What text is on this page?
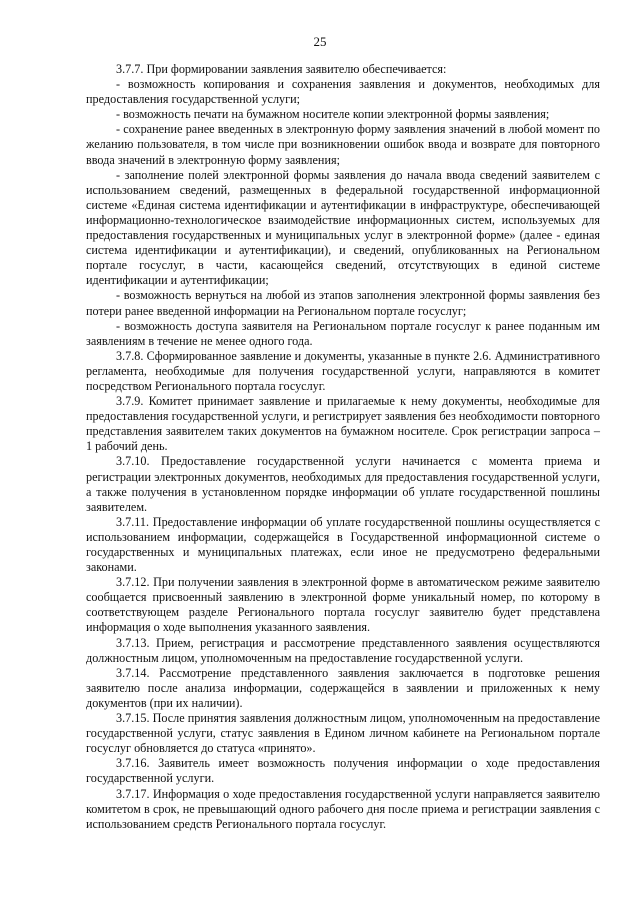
25

3.7.7. При формировании заявления заявителю обеспечивается:

- возможность копирования и сохранения заявления и документов, необходимых для предоставления государственной услуги;

- возможность печати на бумажном носителе копии электронной формы заявления;

- сохранение ранее введенных в электронную форму заявления значений в любой момент по желанию пользователя, в том числе при возникновении ошибок ввода и возврате для повторного ввода значений в электронную форму заявления;

- заполнение полей электронной формы заявления до начала ввода сведений заявителем с использованием сведений, размещенных в федеральной государственной информационной системе «Единая система идентификации и аутентификации в инфраструктуре, обеспечивающей информационно-технологическое взаимодействие информационных систем, используемых для предоставления государственных и муниципальных услуг в электронной форме» (далее - единая система идентификации и аутентификации), и сведений, опубликованных на Региональном портале госуслуг, в части, касающейся сведений, отсутствующих в единой системе идентификации и аутентификации;

- возможность вернуться на любой из этапов заполнения электронной формы заявления без потери ранее введенной информации на Региональном портале госуслуг;

- возможность доступа заявителя на Региональном портале госуслуг к ранее поданным им заявлениям в течение не менее одного года.

3.7.8. Сформированное заявление и документы, указанные в пункте 2.6. Административного регламента, необходимые для получения государственной услуги, направляются в комитет посредством Регионального портала госуслуг.

3.7.9. Комитет принимает заявление и прилагаемые к нему документы, необходимые для предоставления государственной услуги, и регистрирует заявления без необходимости повторного представления заявителем таких документов на бумажном носителе. Срок регистрации запроса – 1 рабочий день.

3.7.10. Предоставление государственной услуги начинается с момента приема и регистрации электронных документов, необходимых для предоставления государственной услуги, а также получения в установленном порядке информации об уплате государственной пошлины заявителем.

3.7.11. Предоставление информации об уплате государственной пошлины осуществляется с использованием информации, содержащейся в Государственной информационной системе о государственных и муниципальных платежах, если иное не предусмотрено федеральными законами.

3.7.12. При получении заявления в электронной форме в автоматическом режиме заявителю сообщается присвоенный заявлению в электронной форме уникальный номер, по которому в соответствующем разделе Регионального портала госуслуг заявителю будет представлена информация о ходе выполнения указанного заявления.

3.7.13. Прием, регистрация и рассмотрение представленного заявления осуществляются должностным лицом, уполномоченным на предоставление государственной услуги.

3.7.14. Рассмотрение представленного заявления заключается в подготовке решения заявителю после анализа информации, содержащейся в заявлении и приложенных к нему документов (при их наличии).

3.7.15. После принятия заявления должностным лицом, уполномоченным на предоставление государственной услуги, статус заявления в Едином личном кабинете на Региональном портале госуслуг обновляется до статуса «принято».

3.7.16. Заявитель имеет возможность получения информации о ходе предоставления государственной услуги.

3.7.17. Информация о ходе предоставления государственной услуги направляется заявителю комитетом в срок, не превышающий одного рабочего дня после приема и регистрации заявления с использованием средств Регионального портала госуслуг.
